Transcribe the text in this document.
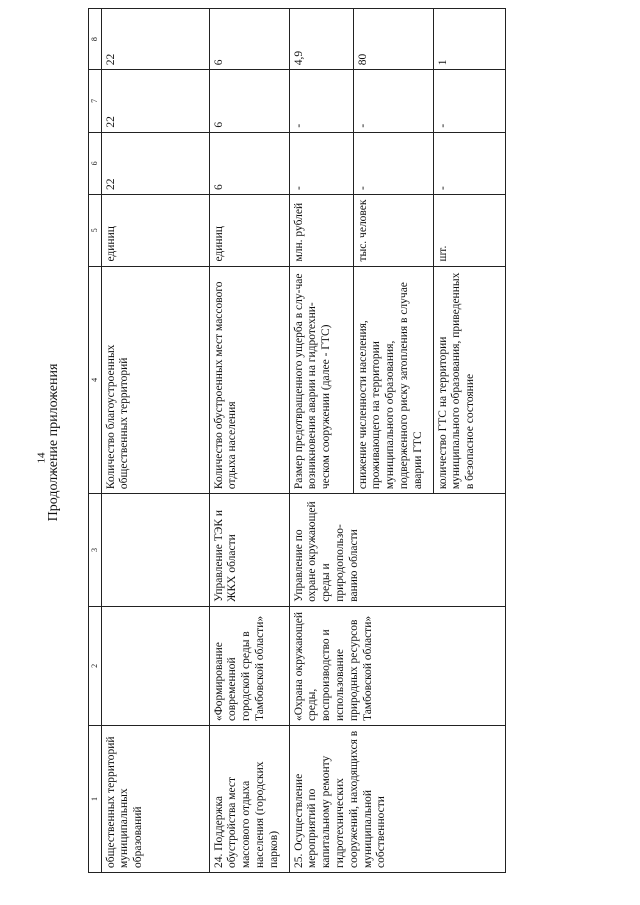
14
Продолжение приложения
1	2	3	4	5	6	7	8
общественных территорий муниципальных образований			Количество благоустроенных общественных территорий	единиц	22	22	22
24. Поддержка обустройства мест массового отдыха населения (городских парков)	«Формирование современной городской среды в Тамбовской области»	Управление ТЭК и ЖКХ области	Количество обустроенных мест массового отдыха населения	единиц	6	6	6
25. Осуществление мероприятий по капитальному ремонту гидротехнических сооружений, находящихся в муниципальной собственности	«Охрана окружающей среды, воспроизводство и использование природных ресурсов Тамбовской области»	Управление по охране окружающей среды и природопользо-ванию области	Размер предотвращенного ущерба в слу-чае возникновения аварии на гидротехни-ческом сооружении (далее - ГТС)	млн. рублей	-	-	4,9
			снижение численности населения, проживающего на территории муниципального образования, подверженного риску затопления в случае аварии ГТС	тыс. человек	-	-	80
			количество ГТС на территории муниципального образования, приведенных в безопасное состояние	шт.	-	-	1
